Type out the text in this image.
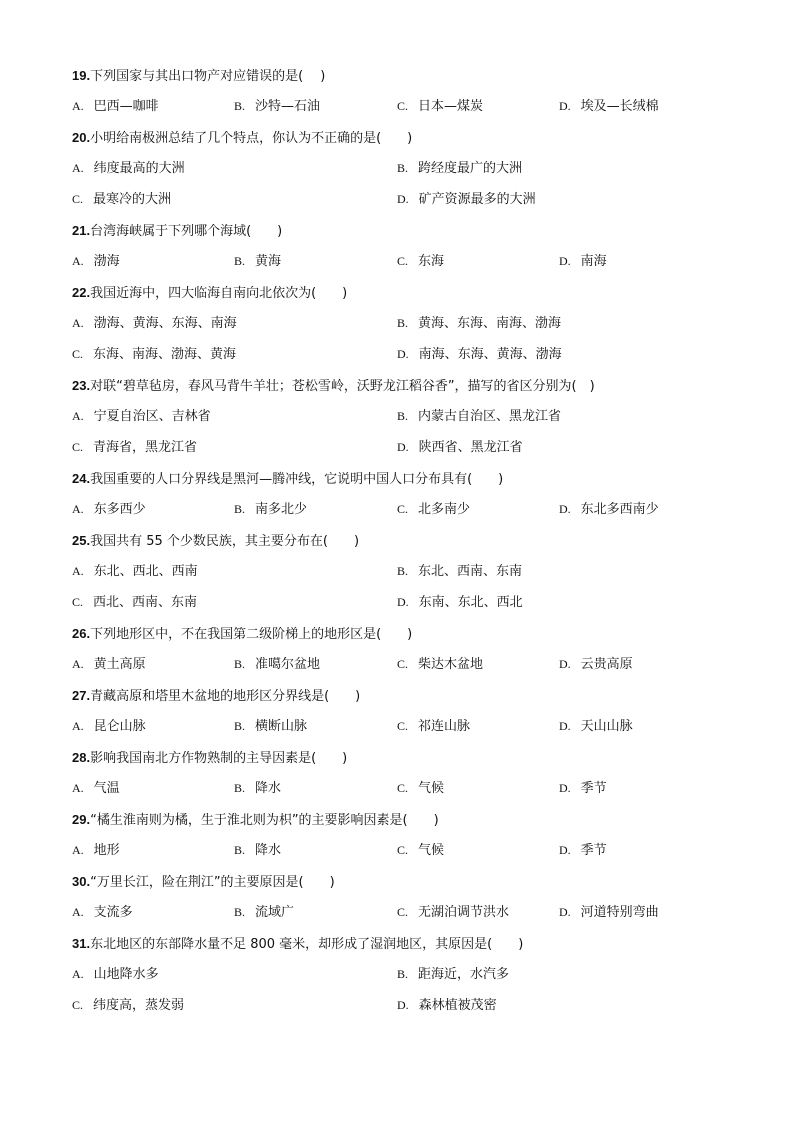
19.下列国家与其出口物产对应错误的是(　 )
A. 巴西—咖啡	B. 沙特—石油	C. 日本—煤炭	D. 埃及—长绒棉
20.小明给南极洲总结了几个特点，你认为不正确的是(　　)
A. 纬度最高的大洲	B. 跨经度最广的大洲
C. 最寒冷的大洲	D. 矿产资源最多的大洲
21.台湾海峡属于下列哪个海域(　　)
A. 渤海	B. 黄海	C. 东海	D. 南海
22.我国近海中，四大临海自南向北依次为(　　)
A. 渤海、黄海、东海、南海	B. 黄海、东海、南海、渤海
C. 东海、南海、渤海、黄海	D. 南海、东海、黄海、渤海
23.对联“碧草毡房，春风马背牛羊壮；苍松雪岭，沃野龙江稻谷香”，描写的省区分别为(　)
A. 宁夏自治区、吉林省	B. 内蒙古自治区、黑龙江省
C. 青海省，黑龙江省	D. 陕西省、黑龙江省
24.我国重要的人口分界线是黑河—腾冲线，它说明中国人口分布具有(　　)
A. 东多西少	B. 南多北少	C. 北多南少	D. 东北多西南少
25.我国共有 55 个少数民族，其主要分布在(　　)
A. 东北、西北、西南	B. 东北、西南、东南
C. 西北、西南、东南	D. 东南、东北、西北
26.下列地形区中，不在我国第二级阶梯上的地形区是(　　)
A. 黄土高原	B. 准噶尔盆地	C. 柴达木盆地	D. 云贵高原
27.青藏高原和塔里木盆地的地形区分界线是(　　)
A. 昆仑山脉	B. 横断山脉	C. 祁连山脉	D. 天山山脉
28.影响我国南北方作物熟制的主导因素是(　　)
A. 气温	B. 降水	C. 气候	D. 季节
29.“橘生淮南则为橘，生于淮北则为枳”的主要影响因素是(　　)
A. 地形	B. 降水	C. 气候	D. 季节
30.“万里长江，险在荆江”的主要原因是(　　)
A. 支流多	B. 流域广	C. 无湖泊调节洪水	D. 河道特别弯曲
31.东北地区的东部降水量不足 800 毫米，却形成了湿润地区，其原因是(　　)
A. 山地降水多	B. 距海近，水汽多
C. 纬度高，蒸发弱	D. 森林植被茂密
